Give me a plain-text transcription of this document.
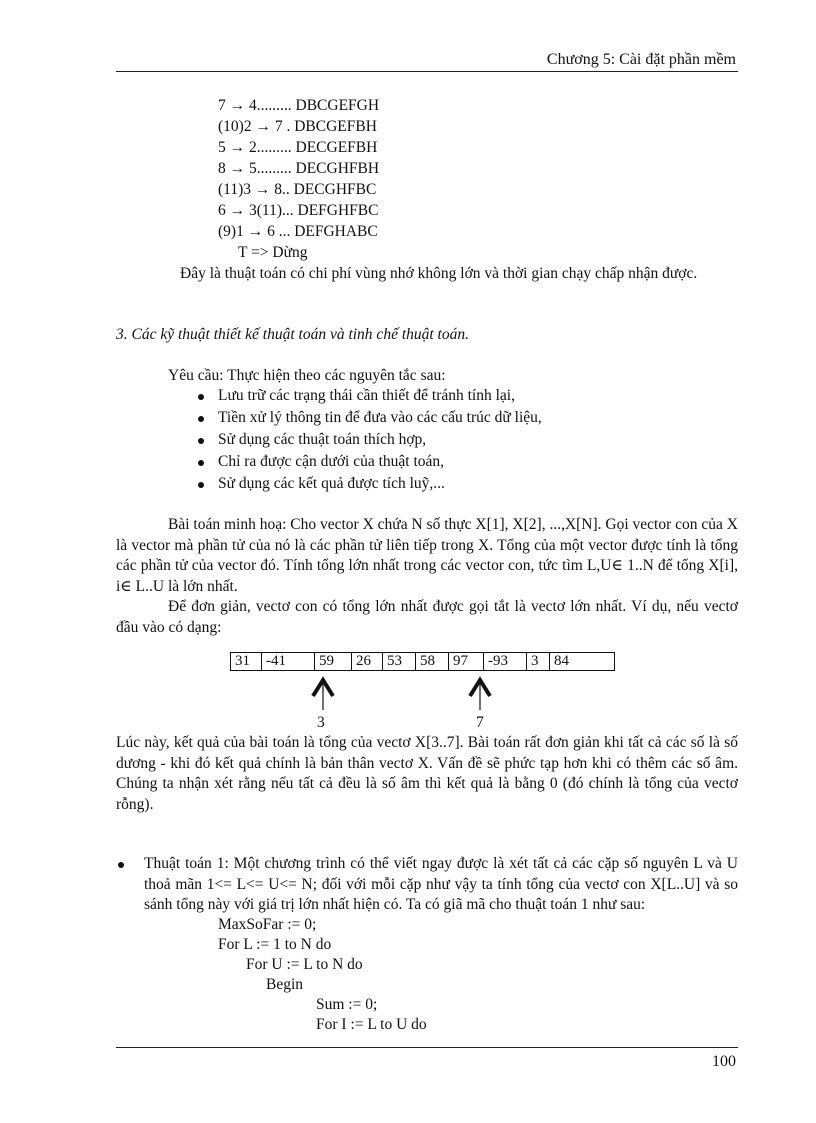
Chương 5: Cài đặt phần mềm
7 → 4......... DBCGEFGH
(10)2 → 7 . DBCGEFBH
5 → 2......... DECGEFBH
8 → 5......... DECGHFBH
(11)3 → 8.. DECGHFBC
6 → 3(11)... DEFGHFBC
(9)1 → 6 ... DEFGHABC
T => Dừng
Đây là thuật toán có chi phí vùng nhớ không lớn và thời gian chạy chấp nhận được.
3. Các kỹ thuật thiết kế thuật toán và tinh chế thuật toán.
Yêu cầu: Thực hiện theo các nguyên tắc sau:
Lưu trữ các trạng thái cần thiết để tránh tính lại,
Tiền xử lý thông tin để đưa vào các cấu trúc dữ liệu,
Sử dụng các thuật toán thích hợp,
Chỉ ra được cận dưới của thuật toán,
Sử dụng các kết quả được tích luỹ,...
Bài toán minh hoạ: Cho vector X chứa N số thực X[1], X[2], ...,X[N]. Gọi vector con của X là vector mà phần tử của nó là các phần tử liên tiếp trong X. Tổng của một vector được tính là tổng các phần tử của vector đó. Tính tổng lớn nhất trong các vector con, tức tìm L,U∈ 1..N để tổng X[i], i∈ L..U là lớn nhất.
Để đơn giản, vectơ con có tổng lớn nhất được gọi tắt là vectơ lớn nhất. Ví dụ, nếu vectơ đầu vào có dạng:
31	-41	59	26	53	58	97	-93	3	84
3	7
Lúc này, kết quả của bài toán là tổng của vectơ X[3..7]. Bài toán rất đơn giản khi tất cả các số là số dương - khi đó kết quả chính là bản thân vectơ X. Vấn đề sẽ phức tạp hơn khi có thêm các số âm. Chúng ta nhận xét rằng nếu tất cả đều là số âm thì kết quả là bằng 0 (đó chính là tổng của vectơ rỗng).
Thuật toán 1: Một chương trình có thể viết ngay được là xét tất cả các cặp số nguyên L và U thoả mãn 1<= L<= U<= N; đối với mỗi cặp như vậy ta tính tổng của vectơ con X[L..U] và so sánh tổng này với giá trị lớn nhất hiện có. Ta có giã mã cho thuật toán 1 như sau:
MaxSoFar := 0;
For L := 1 to N do
For U := L to N do
Begin
Sum := 0;
For I := L to U do
100
